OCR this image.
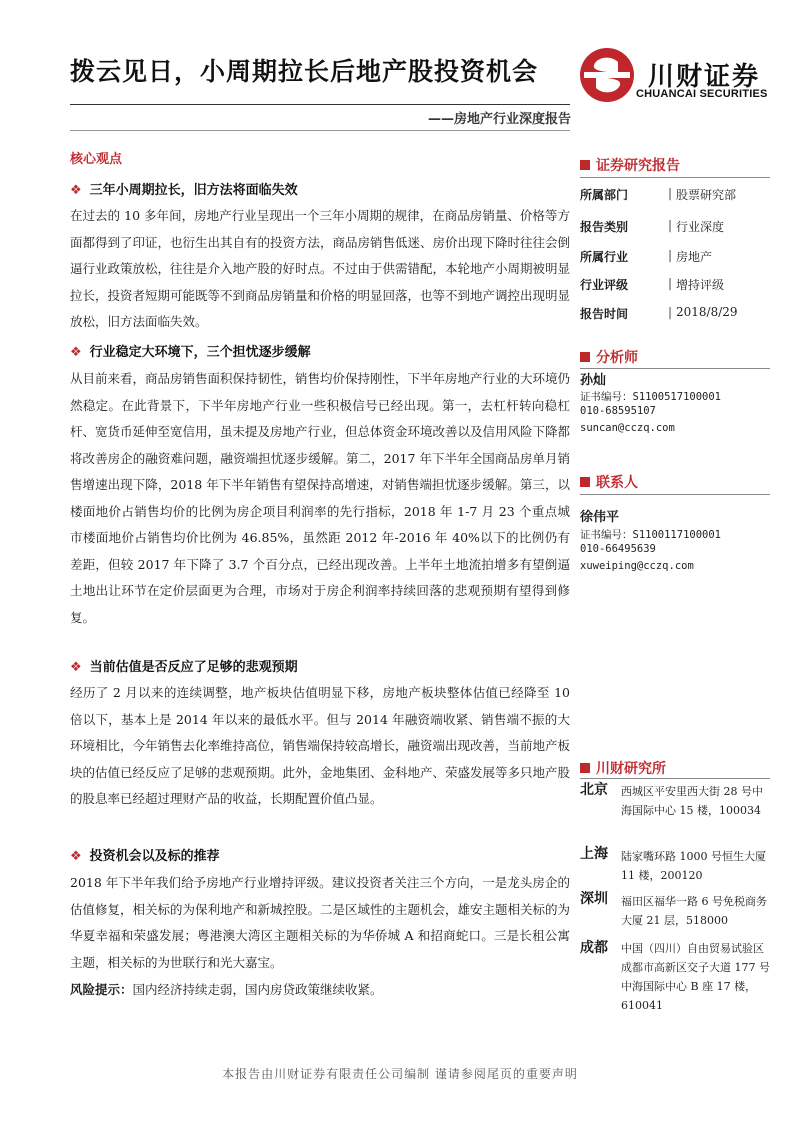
拨云见日，小周期拉长后地产股投资机会	川财证券
CHUANCAI SECURITIES
——房地产行业深度报告
核心观点
❖ 三年小周期拉长，旧方法将面临失效
在过去的 10 多年间，房地产行业呈现出一个三年小周期的规律，在商品房销量、价格等方面都得到了印证，也衍生出其自有的投资方法，商品房销售低迷、房价出现下降时往往会倒逼行业政策放松，往往是介入地产股的好时点。不过由于供需错配，本轮地产小周期被明显拉长，投资者短期可能既等不到商品房销量和价格的明显回落，也等不到地产调控出现明显放松，旧方法面临失效。
❖ 行业稳定大环境下，三个担忧逐步缓解
从目前来看，商品房销售面积保持韧性，销售均价保持刚性，下半年房地产行业的大环境仍然稳定。在此背景下，下半年房地产行业一些积极信号已经出现。第一，去杠杆转向稳杠杆、宽货币延伸至宽信用，虽未提及房地产行业，但总体资金环境改善以及信用风险下降都将改善房企的融资难问题，融资端担忧逐步缓解。第二，2017 年下半年全国商品房单月销售增速出现下降，2018 年下半年销售有望保持高增速，对销售端担忧逐步缓解。第三，以楼面地价占销售均价的比例为房企项目利润率的先行指标，2018 年 1-7 月 23 个重点城市楼面地价占销售均价比例为 46.85%，虽然距 2012 年-2016 年 40%以下的比例仍有差距，但较 2017 年下降了 3.7 个百分点，已经出现改善。上半年土地流拍增多有望倒逼土地出让环节在定价层面更为合理，市场对于房企利润率持续回落的悲观预期有望得到修复。
❖ 当前估值是否反应了足够的悲观预期
经历了 2 月以来的连续调整，地产板块估值明显下移，房地产板块整体估值已经降至 10 倍以下，基本上是 2014 年以来的最低水平。但与 2014 年融资端收紧、销售端不振的大环境相比，今年销售去化率维持高位，销售端保持较高增长，融资端出现改善，当前地产板块的估值已经反应了足够的悲观预期。此外，金地集团、金科地产、荣盛发展等多只地产股的股息率已经超过理财产品的收益，长期配置价值凸显。
❖ 投资机会以及标的推荐
2018 年下半年我们给予房地产行业增持评级。建议投资者关注三个方向，一是龙头房企的估值修复，相关标的为保利地产和新城控股。二是区域性的主题机会，雄安主题相关标的为华夏幸福和荣盛发展；粤港澳大湾区主题相关标的为华侨城 A 和招商蛇口。三是长租公寓主题，相关标的为世联行和光大嘉宝。
风险提示：国内经济持续走弱，国内房贷政策继续收紧。
证券研究报告
所属部门	| 股票研究部
报告类别	| 行业深度
所属行业	| 房地产
行业评级	| 增持评级
报告时间	| 2018/8/29
分析师
孙灿
证书编号：S1100517100001
010-68595107
suncan@cczq.com
联系人
徐伟平
证书编号：S1100117100001
010-66495639
xuweiping@cczq.com
川财研究所
北京 西城区平安里西大街 28 号中海国际中心 15 楼，100034
上海 陆家嘴环路 1000 号恒生大厦 11 楼，200120
深圳 福田区福华一路 6 号免税商务大厦 21 层，518000
成都 中国（四川）自由贸易试验区成都市高新区交子大道 177 号中海国际中心 B 座 17 楼，610041
本报告由川财证券有限责任公司编制 谨请参阅尾页的重要声明
